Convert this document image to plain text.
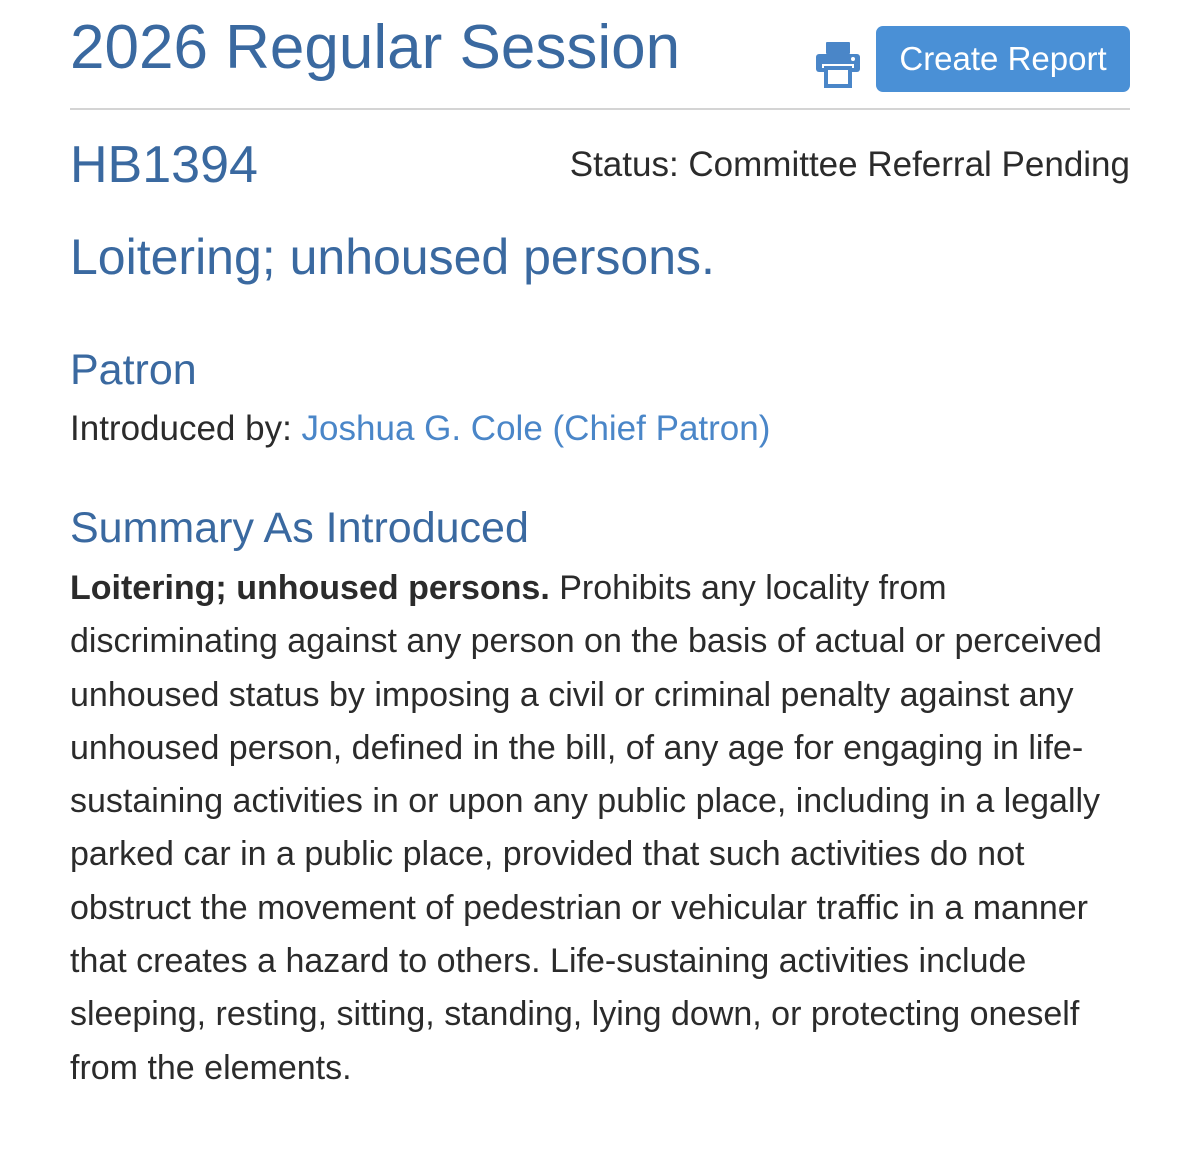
2026 Regular Session	Create Report
HB1394	Status: Committee Referral Pending
Loitering; unhoused persons.
Patron
Introduced by: Joshua G. Cole (Chief Patron)
Summary As Introduced

Loitering; unhoused persons. Prohibits any locality from discriminating against any person on the basis of actual or perceived unhoused status by imposing a civil or criminal penalty against any unhoused person, defined in the bill, of any age for engaging in life-sustaining activities in or upon any public place, including in a legally parked car in a public place, provided that such activities do not obstruct the movement of pedestrian or vehicular traffic in a manner that creates a hazard to others. Life-sustaining activities include sleeping, resting, sitting, standing, lying down, or protecting oneself from the elements.
